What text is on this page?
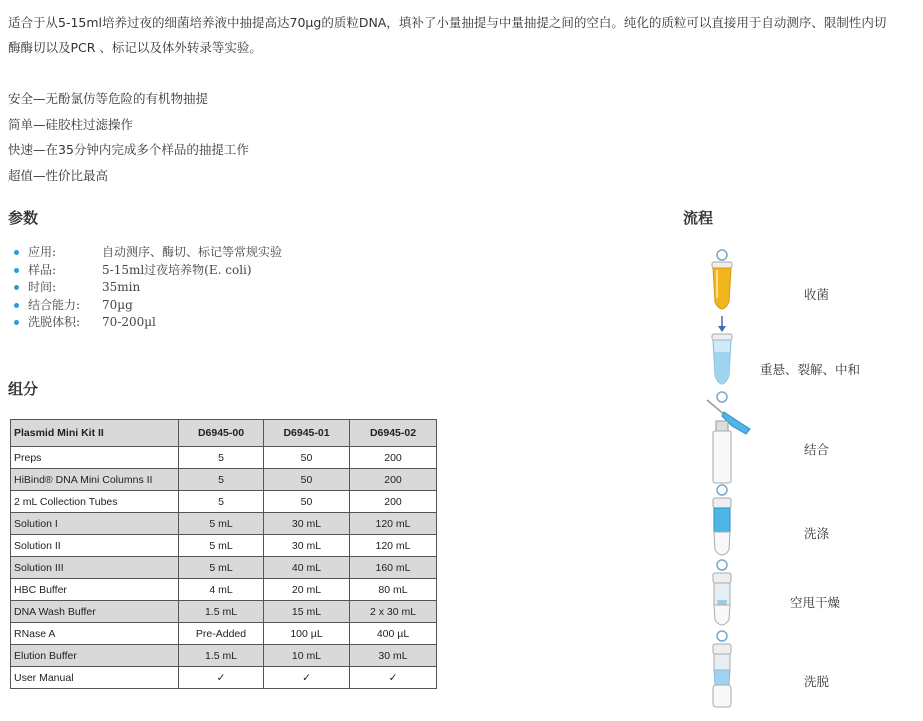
适合于从5-15ml培养过夜的细菌培养液中抽提高达70µg的质粒DNA，填补了小量抽提与中量抽提之间的空白。纯化的质粒可以直接用于自动测序、限制性内切酶酶切以及PCR 、标记以及体外转录等实验。

安全—无酚氯仿等危险的有机物抽提
简单—硅胶柱过滤操作
快速—在35分钟内完成多个样品的抽提工作
超值—性价比最高
参数
应用:	自动测序、酶切、标记等常规实验
样品:	5-15ml过夜培养物(E. coli)
时间:	35min
结合能力: 70µg
洗脱体积: 70-200µl
组分
Plasmid Mini Kit II	D6945-00	D6945-01	D6945-02
Preps	5	50	200
HiBind® DNA Mini Columns II	5	50	200
2 mL Collection Tubes	5	50	200
Solution I	5 mL	30 mL	120 mL
Solution II	5 mL	30 mL	120 mL
Solution III	5 mL	40 mL	160 mL
HBC Buffer	4 mL	20 mL	80 mL
DNA Wash Buffer	1.5 mL	15 mL	2 x 30 mL
RNase A	Pre-Added	100 µL	400 µL
Elution Buffer	1.5 mL	10 mL	30 mL
User Manual	✓	✓	✓
流程
收菌
重悬、裂解、中和
结合
洗涤
空甩干燥
洗脱
